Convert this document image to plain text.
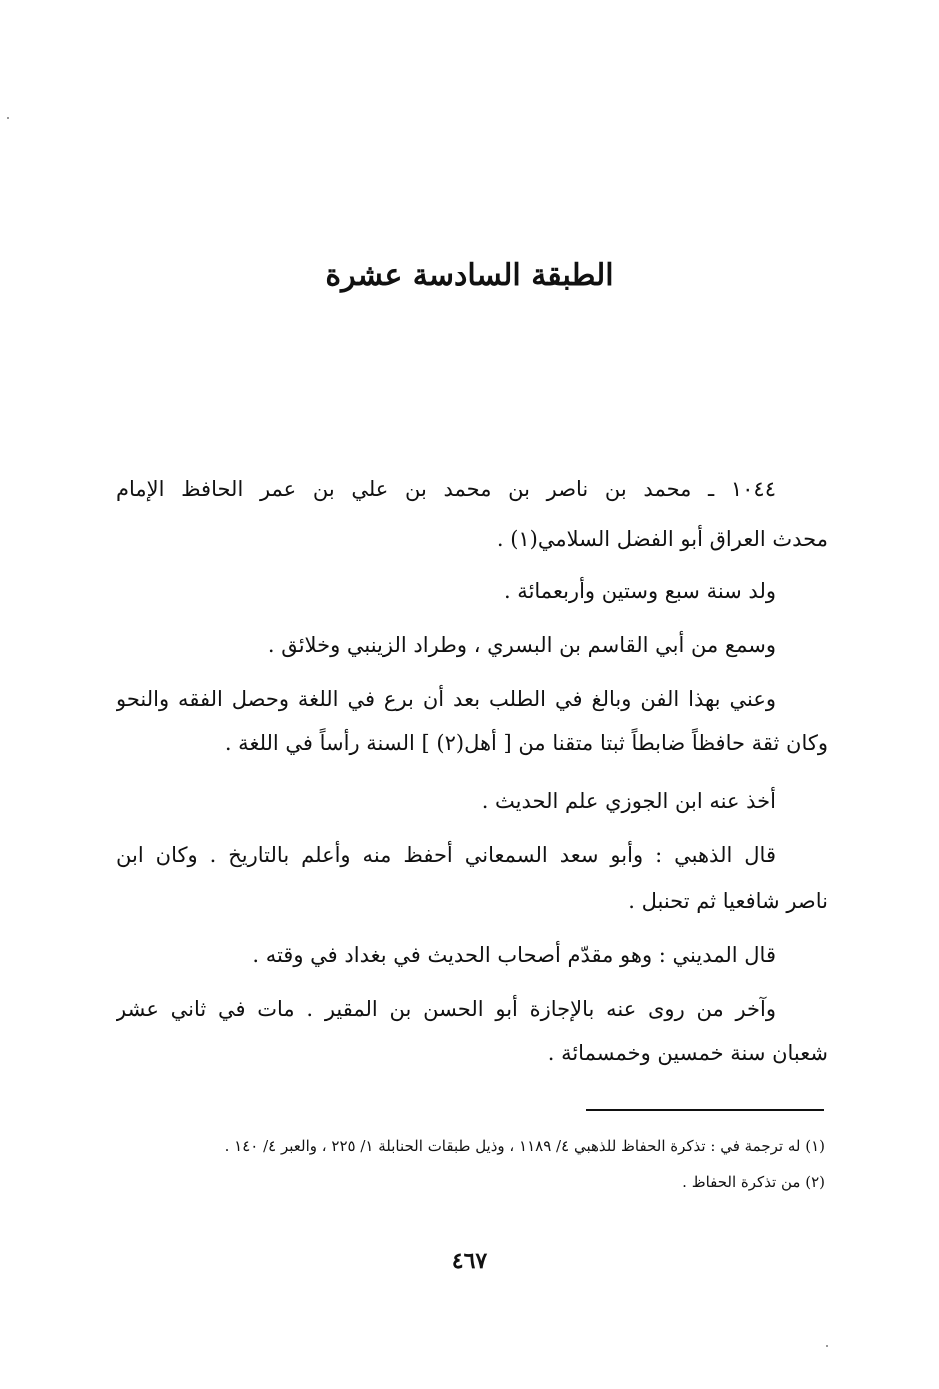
الطبقة السادسة عشرة
١٠٤٤ ـ محمد بن ناصر بن محمد بن علي بن عمر الحافظ الإمام
محدث العراق أبو الفضل السلامي(١) .
ولد سنة سبع وستين وأربعمائة .
وسمع من أبي القاسم بن البسري ، وطراد الزينبي وخلائق .
وعني بهذا الفن وبالغ في الطلب بعد أن برع في اللغة وحصل الفقه والنحو
وكان ثقة حافظاً ضابطاً ثبتا متقنا من [ أهل(٢) ] السنة رأساً في اللغة .
أخذ عنه ابن الجوزي علم الحديث .
قال الذهبي : وأبو سعد السمعاني أحفظ منه وأعلم بالتاريخ . وكان ابن
ناصر شافعيا ثم تحنبل .
قال المديني : وهو مقدّم أصحاب الحديث في بغداد في وقته .
وآخر من روى عنه بالإجازة أبو الحسن بن المقير . مات في ثاني عشر
شعبان سنة خمسين وخمسمائة .
(١) له ترجمة في : تذكرة الحفاظ للذهبي ٤/ ١١٨٩ ، وذيل طبقات الحنابلة ١/ ٢٢٥ ، والعبر ٤/ ١٤٠ .
(٢) من تذكرة الحفاظ .
٤٦٧
